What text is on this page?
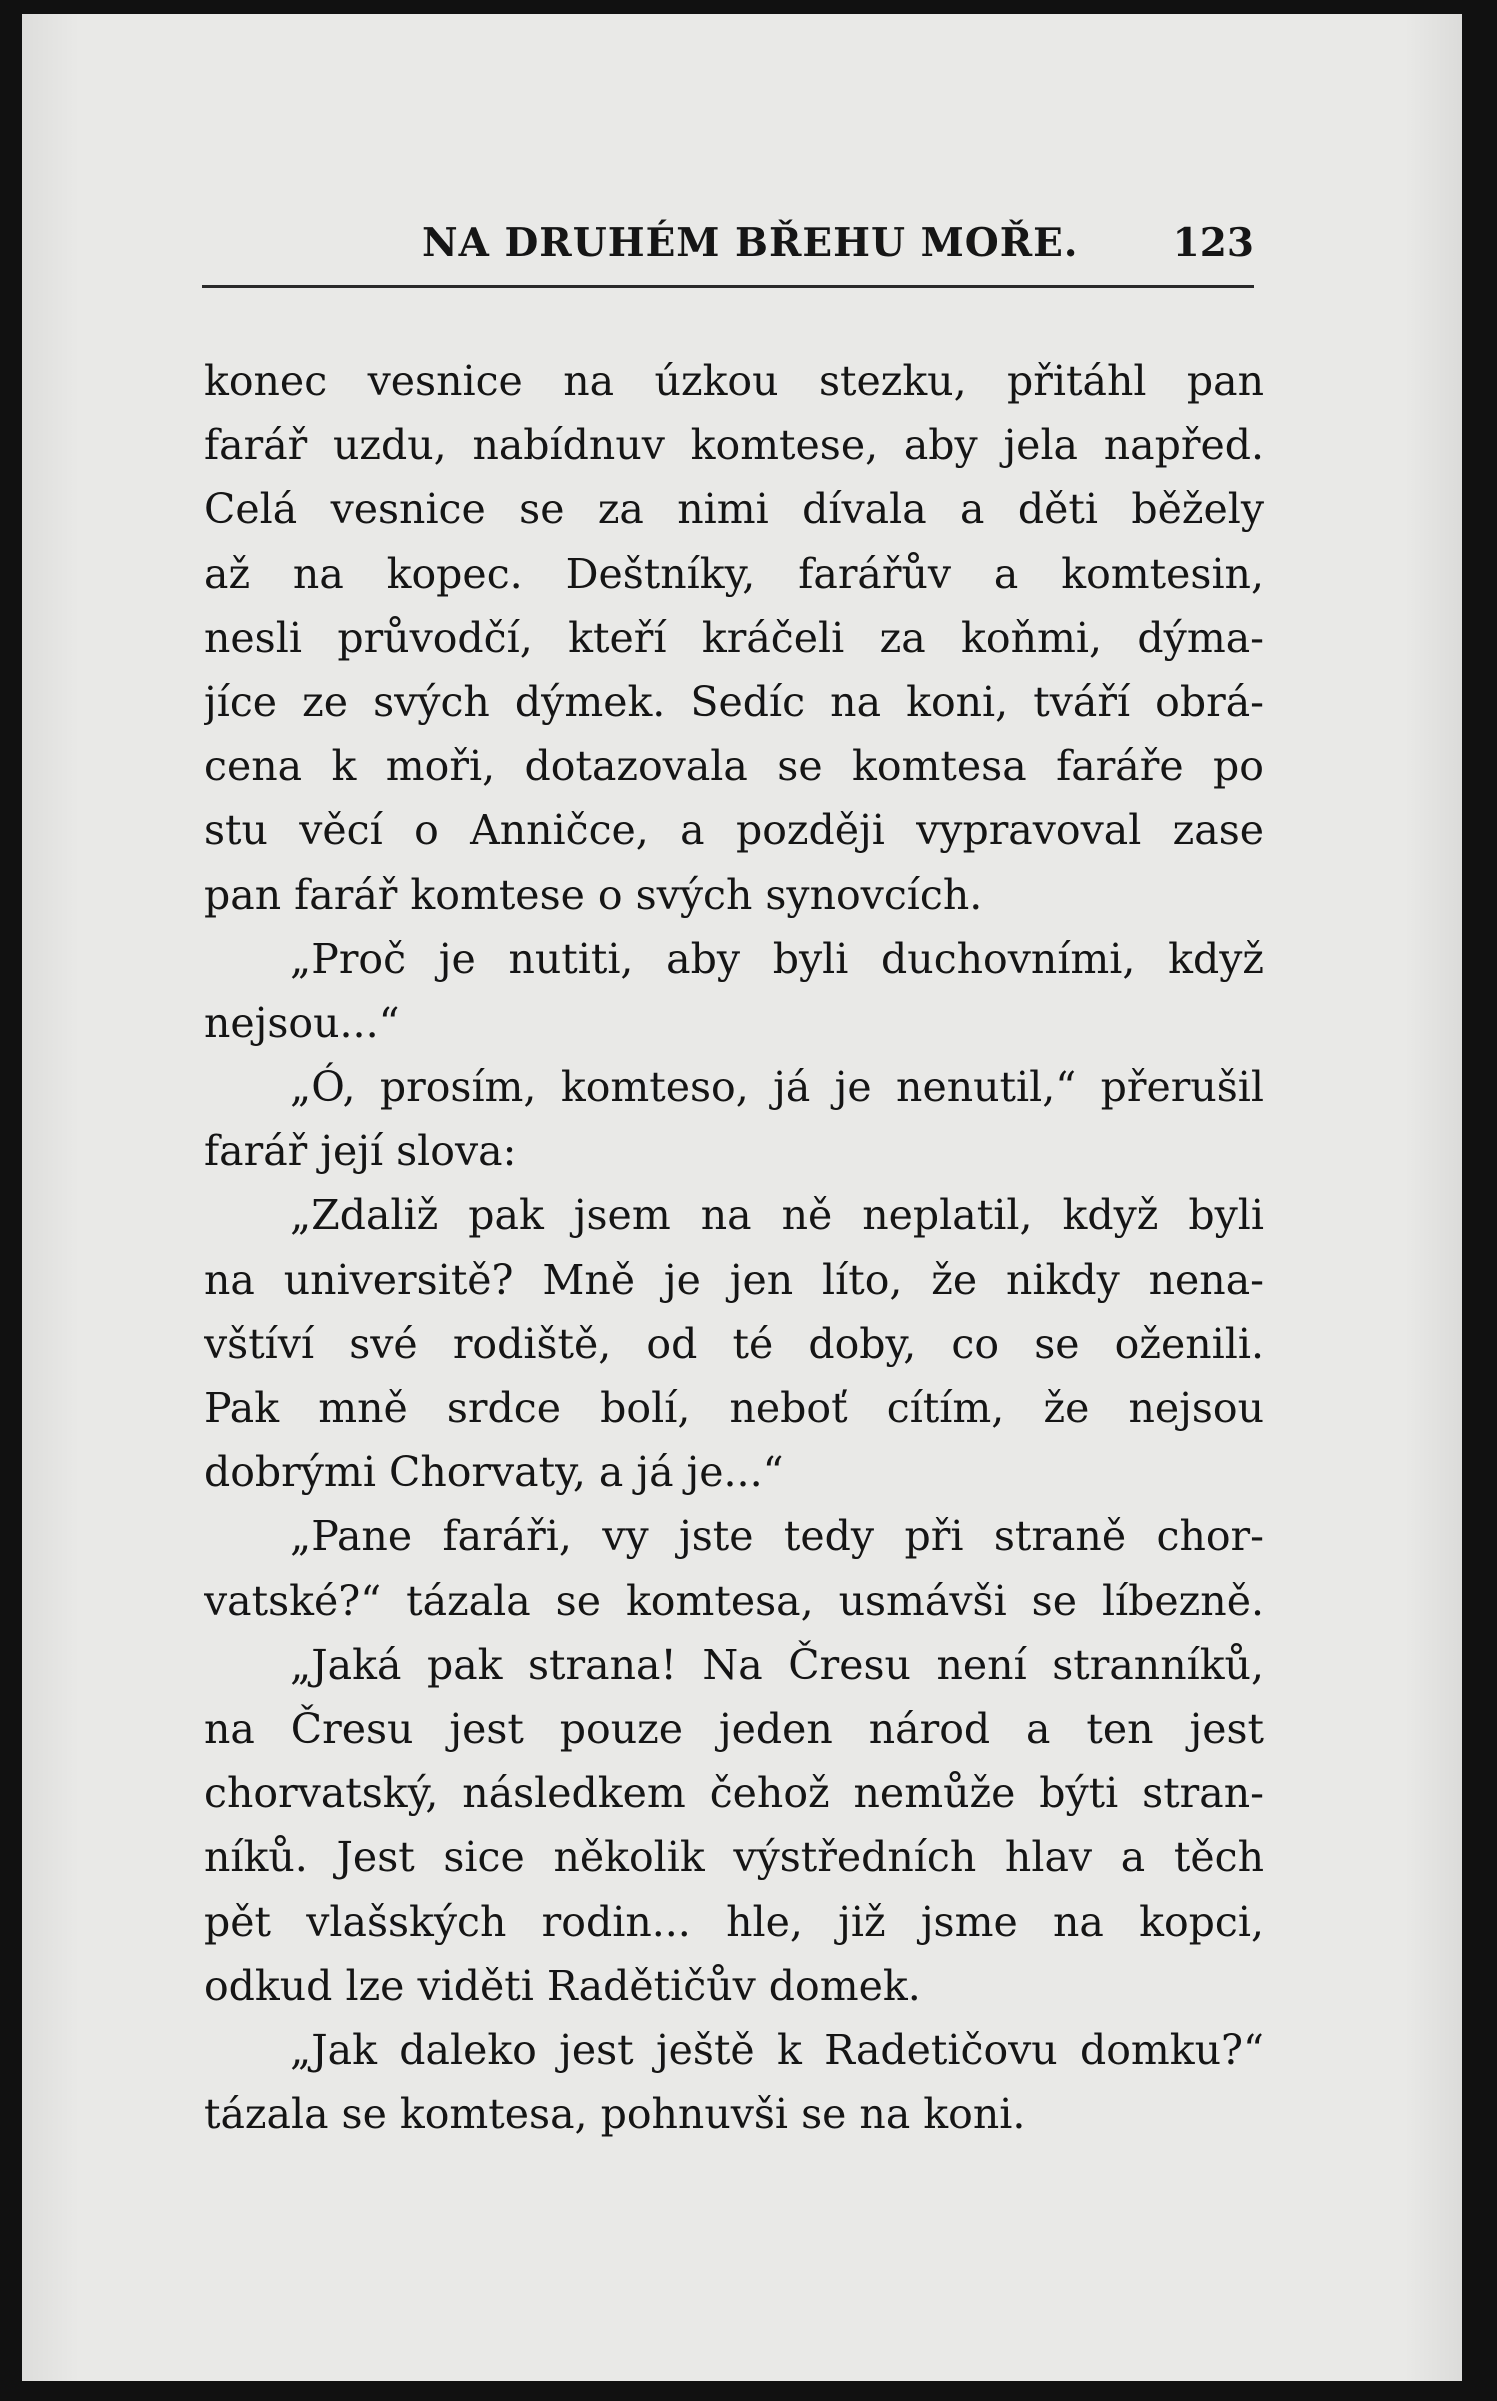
NA DRUHÉM BŘEHU MOŘE. 123
konec vesnice na úzkou stezku, přitáhl pan
farář uzdu, nabídnuv komtese, aby jela napřed.
Celá vesnice se za nimi dívala a děti běžely
až na kopec. Deštníky, farářův a komtesin,
nesli průvodčí, kteří kráčeli za koňmi, dýma-
jíce ze svých dýmek. Sedíc na koni, tváří obrá-
cena k moři, dotazovala se komtesa faráře po
stu věcí o Anničce, a později vypravoval zase
pan farář komtese o svých synovcích.
„Proč je nutiti, aby byli duchovními, když
nejsou...“
„Ó, prosím, komteso, já je nenutil,“ přerušil
farář její slova:
„Zdaliž pak jsem na ně neplatil, když byli
na universitě? Mně je jen líto, že nikdy nena-
vštíví své rodiště, od té doby, co se oženili.
Pak mně srdce bolí, neboť cítím, že nejsou
dobrými Chorvaty, a já je...“
„Pane faráři, vy jste tedy při straně chor-
vatské?“ tázala se komtesa, usmávši se líbezně.
„Jaká pak strana! Na Čresu není stranníků,
na Čresu jest pouze jeden národ a ten jest
chorvatský, následkem čehož nemůže býti stran-
níků. Jest sice několik výstředních hlav a těch
pět vlašských rodin... hle, již jsme na kopci,
odkud lze viděti Radětičův domek.
„Jak daleko jest ještě k Radetičovu domku?“
tázala se komtesa, pohnuvši se na koni.
